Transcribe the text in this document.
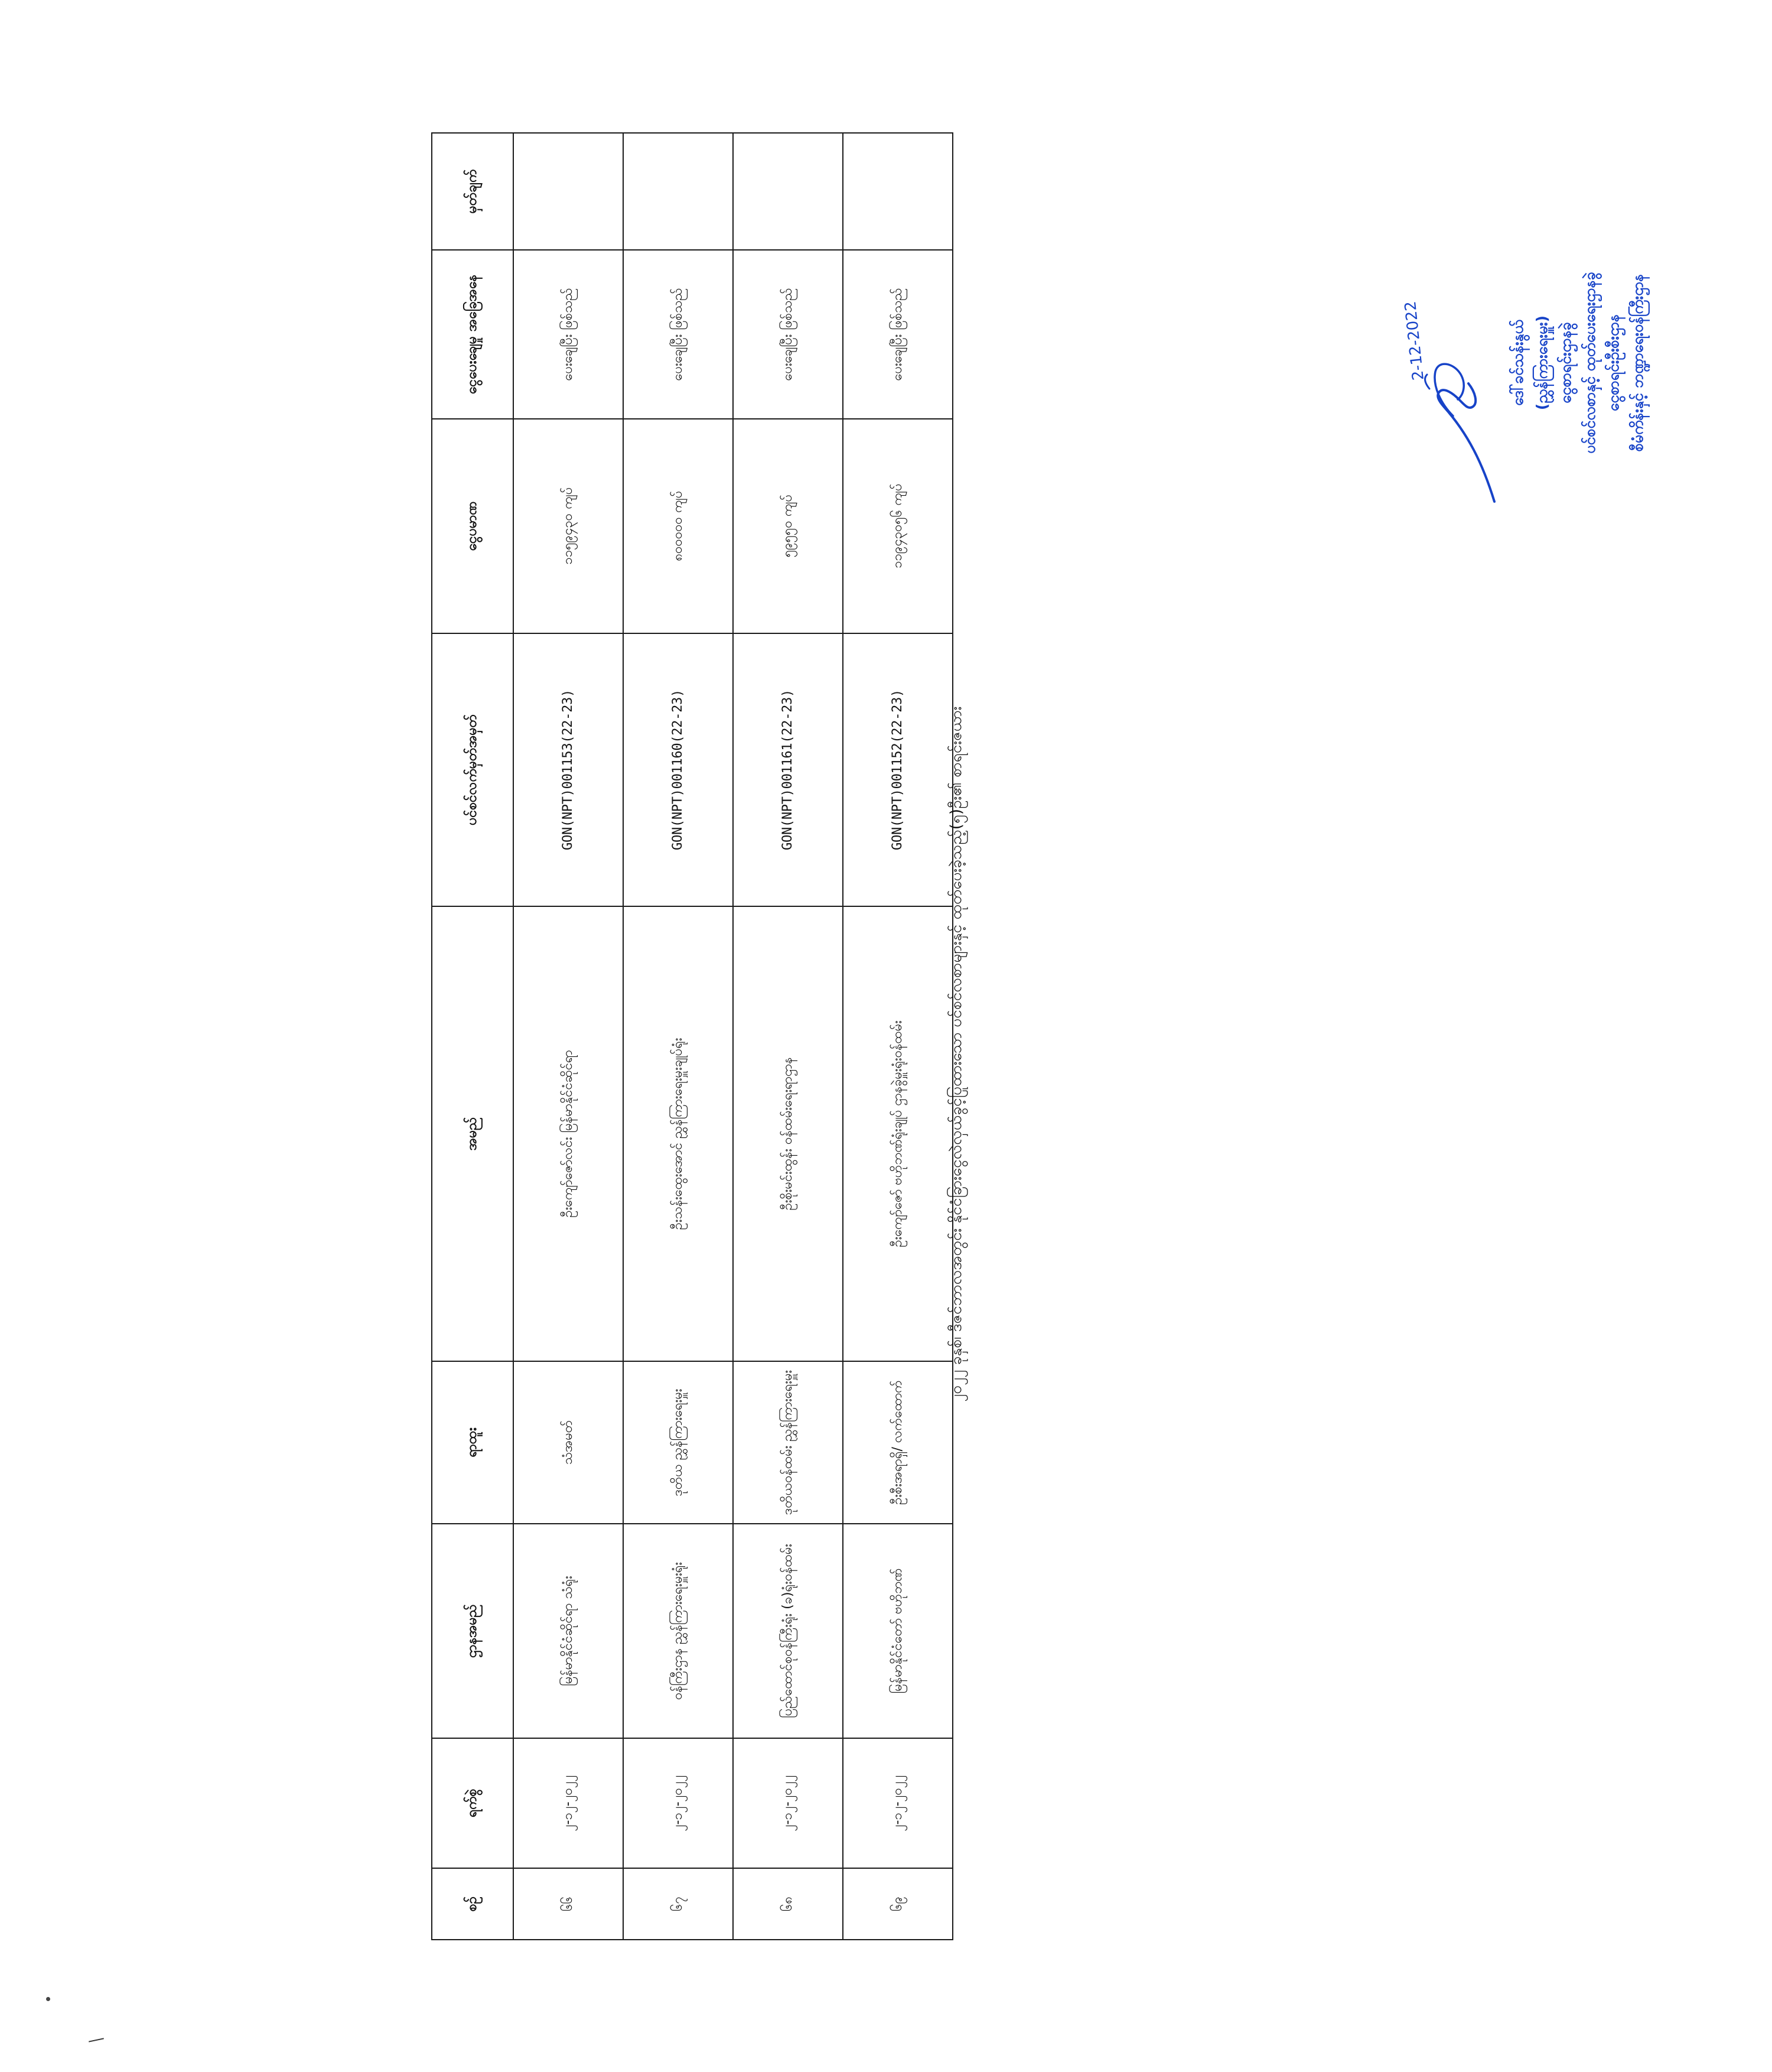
စဉ်	ရက်စွဲ	ဌာနအမည်	ရာထူး	အမည်	ပင်စင်လက်မှတ်အမှတ်	ငွေပမာဏ	ငွေပေးချေမှု အခြေအနေ	မှတ်ချက်
၆၆	၂-၁၂-၂၀၂၂	မြန်မာနိုင်ငံဆိုင်ရာ သံရုံး	သံအမတ်	ဦးကျော်ဇော်လင်း မြန်မာနိုင်ငံဆိုင်ရာ	GON(NPT)001153(22-23)	၁၁၅၉၄၃၀ ကျပ်	ပေးချေပြီး ဖြစ်သည်	
၆၇	၂-၁၂-၂၀၂၂	ဝန်ကြီးဌာန ညွှန်ကြားရေးမှူးရုံး	ဒုတိယ ညွှန်ကြားရေးမှူး	ဦးသန်းထွေးအောင် ညွှန်ကြားရေးမှူးချုပ်ရုံး	GON(NPT)001160(22-23)	၈၀၀၀၀၀ ကျပ်	ပေးချေပြီး ဖြစ်သည်	
၆၈	၂-၁၂-၂၀၂၂	ပြည်ထောင်စုဝန်ကြီးရုံး (ခ)ရုံးဝန်ထမ်း	ဒုတိယဝန်ထမ်း ညွှန်ကြားရေးမှူး	ဦးစိုးမင်းထွန်း ဝန်ထမ်းရေးရာဌာန	GON(NPT)001161(22-23)	၅၉၅၅၀ ကျပ်	ပေးချေပြီး ဖြစ်သည်	
၆၉	၂-၁၂-၂၀၂၂	မြန်မာနိုင်ငံတော် ဗဟိုဘဏ်	ဦးစီးအရာရှိ/ လက်ထောက်	ဦးကျော်ဇော် ဗဟိုဘဏ်ရုံးချုပ် ဌာနခွဲမှူးရုံးဝန်ထမ်း	GON(NPT)001152(22-23)	၁၁၉၄၃၀၅၆ ကျပ်	ပေးချေပြီး ဖြစ်သည်	
၂၀၂၂ ခုနှစ်၊ ဒီဇင်ဘာလအတွင်း နိုင်ငံခြားငွေလဲလှယ်ခွင့်ပြုထားသော ပင်စင်လစာများနှင့် ထုတ်ပေးခဲ့သည့်(၅)ဦး၏ စာရင်းဇယား
2-12-2022	ဒေါ်ခင်သန်းနွယ် (ညွှန်ကြားရေးမှူး) ငွေစာရင်းဌာနခွဲ ပင်စင်လစာနှင့် ထုတ်ပေးရေးဌာနခွဲ ငွေစာရင်းဦးစီးဌာန စီမံကိန်းနှင့် ဘဏ္ဍာရေးဝန်ကြီးဌာန
